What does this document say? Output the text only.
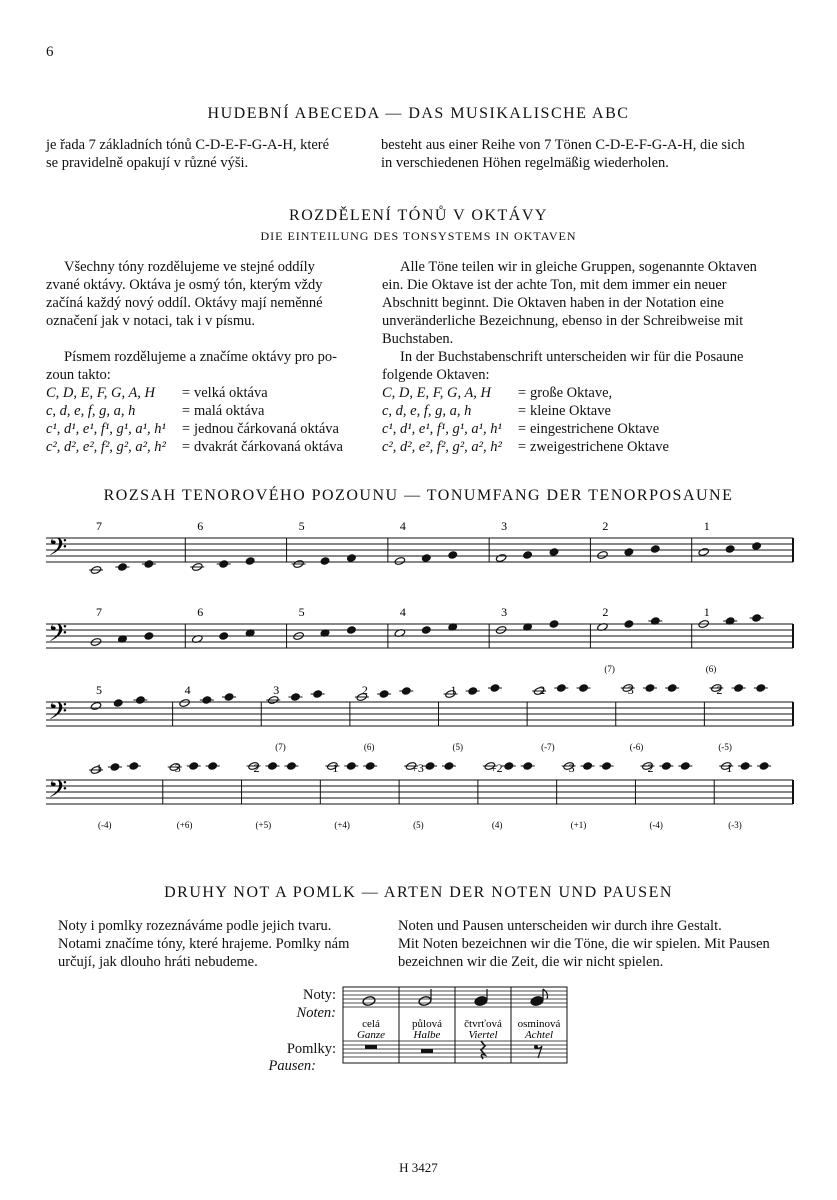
6
HUDEBNÍ ABECEDA — DAS MUSIKALISCHE ABC

je řada 7 základních tónů C-D-E-F-G-A-H, které

se pravidelně opakují v různé výši.

besteht aus einer Reihe von 7 Tönen C-D-E-F-G-A-H, die sich

in verschiedenen Höhen regelmäßig wiederholen.

ROZDĚLENÍ TÓNŮ V OKTÁVY
DIE EINTEILUNG DES TONSYSTEMS IN OKTAVEN

Všechny tóny rozdělujeme ve stejné oddíly

zvané oktávy. Oktáva je osmý tón, kterým vždy

začíná každý nový oddíl. Oktávy mají neměnné

označení jak v notaci, tak i v písmu.

Písmem rozdělujeme a značíme oktávy pro po-

zoun takto:

C, D, E, F, G, A, H	= velká oktáva
c, d, e, f, g, a, h	= malá oktáva
c¹, d¹, e¹, f¹, g¹, a¹, h¹	= jednou čárkovaná oktáva
c², d², e², f², g², a², h²	= dvakrát čárkovaná oktáva

Alle Töne teilen wir in gleiche Gruppen, sogenannte Oktaven

ein. Die Oktave ist der achte Ton, mit dem immer ein neuer

Abschnitt beginnt. Die Oktaven haben in der Notation eine

unveränderliche Bezeichnung, ebenso in der Schreibweise mit

Buchstaben.

In der Buchstabenschrift unterscheiden wir für die Posaune

folgende Oktaven:

C, D, E, F, G, A, H	= große Oktave,
c, d, e, f, g, a, h	= kleine Oktave
c¹, d¹, e¹, f¹, g¹, a¹, h¹	= eingestrichene Oktave
c², d², e², f², g², a², h²	= zweigestrichene Oktave
ROZSAH TENOROVÉHO POZOUNU — TONUMFANG DER TENORPOSAUNE
𝄢
7	6	5	4	3	2	1
𝄢
7	6	5	4	3	2
(7)
1
(6)
𝄢
5	4	3
(7)
2
(6)
1
(5)
2
(-7)
3
(-6)
2
(-5)
𝄢
1
(-4)
3
(+6)
2
(+5)
1
(+4)
+3
(5)
+2
(4)
3
(+1)
2
(-4)
1
(-3)
DRUHY NOT A POMLK — ARTEN DER NOTEN UND PAUSEN

Noty i pomlky rozeznáváme podle jejich tvaru.

Notami značíme tóny, které hrajeme. Pomlky nám

určují, jak dlouho hráti nebudeme.

Noten und Pausen unterscheiden wir durch ihre Gestalt.

Mit Noten bezeichnen wir die Töne, die wir spielen. Mit Pausen

bezeichnen wir die Zeit, die wir nicht spielen.

Noty:
Noten:
Pomlky:
Pausen:
celá
Ganze
půlová
Halbe
čtvrťová
Viertel
osminová
Achtel
H 3427
